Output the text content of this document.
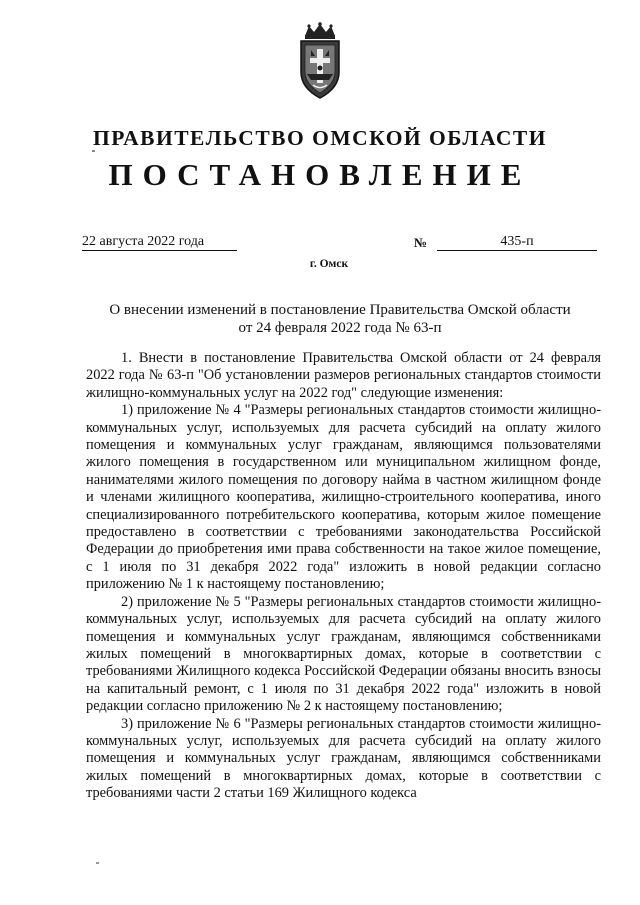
ПРАВИТЕЛЬСТВО ОМСКОЙ ОБЛАСТИ
ПОСТАНОВЛЕНИЕ
22 августа 2022 года	№	435-п
г. Омск
О внесении изменений в постановление Правительства Омской области
от 24 февраля 2022 года № 63-п

1. Внести в постановление Правительства Омской области от 24 февраля 2022 года № 63-п "Об установлении размеров региональных стандартов стоимости жилищно-коммунальных услуг на 2022 год" следующие изменения:

1) приложение № 4 "Размеры региональных стандартов стоимости жилищно-коммунальных услуг, используемых для расчета субсидий на оплату жилого помещения и коммунальных услуг гражданам, являющимся пользователями жилого помещения в государственном или муниципальном жилищном фонде, нанимателями жилого помещения по договору найма в частном жилищном фонде и членами жилищного кооператива, жилищно-строительного кооператива, иного специализированного потребительского кооператива, которым жилое помещение предоставлено в соответствии с требованиями законодательства Российской Федерации до приобретения ими права собственности на такое жилое помещение, с 1 июля по 31 декабря 2022 года" изложить в новой редакции согласно приложению № 1 к настоящему постановлению;

2) приложение № 5 "Размеры региональных стандартов стоимости жилищно-коммунальных услуг, используемых для расчета субсидий на оплату жилого помещения и коммунальных услуг гражданам, являющимся собственниками жилых помещений в многоквартирных домах, которые в соответствии с требованиями Жилищного кодекса Российской Федерации обязаны вносить взносы на капитальный ремонт, с 1 июля по 31 декабря 2022 года" изложить в новой редакции согласно приложению № 2 к настоящему постановлению;

3) приложение № 6 "Размеры региональных стандартов стоимости жилищно-коммунальных услуг, используемых для расчета субсидий на оплату жилого помещения и коммунальных услуг гражданам, являющимся собственниками жилых помещений в многоквартирных домах, которые в соответствии с требованиями части 2 статьи 169 Жилищного кодекса
